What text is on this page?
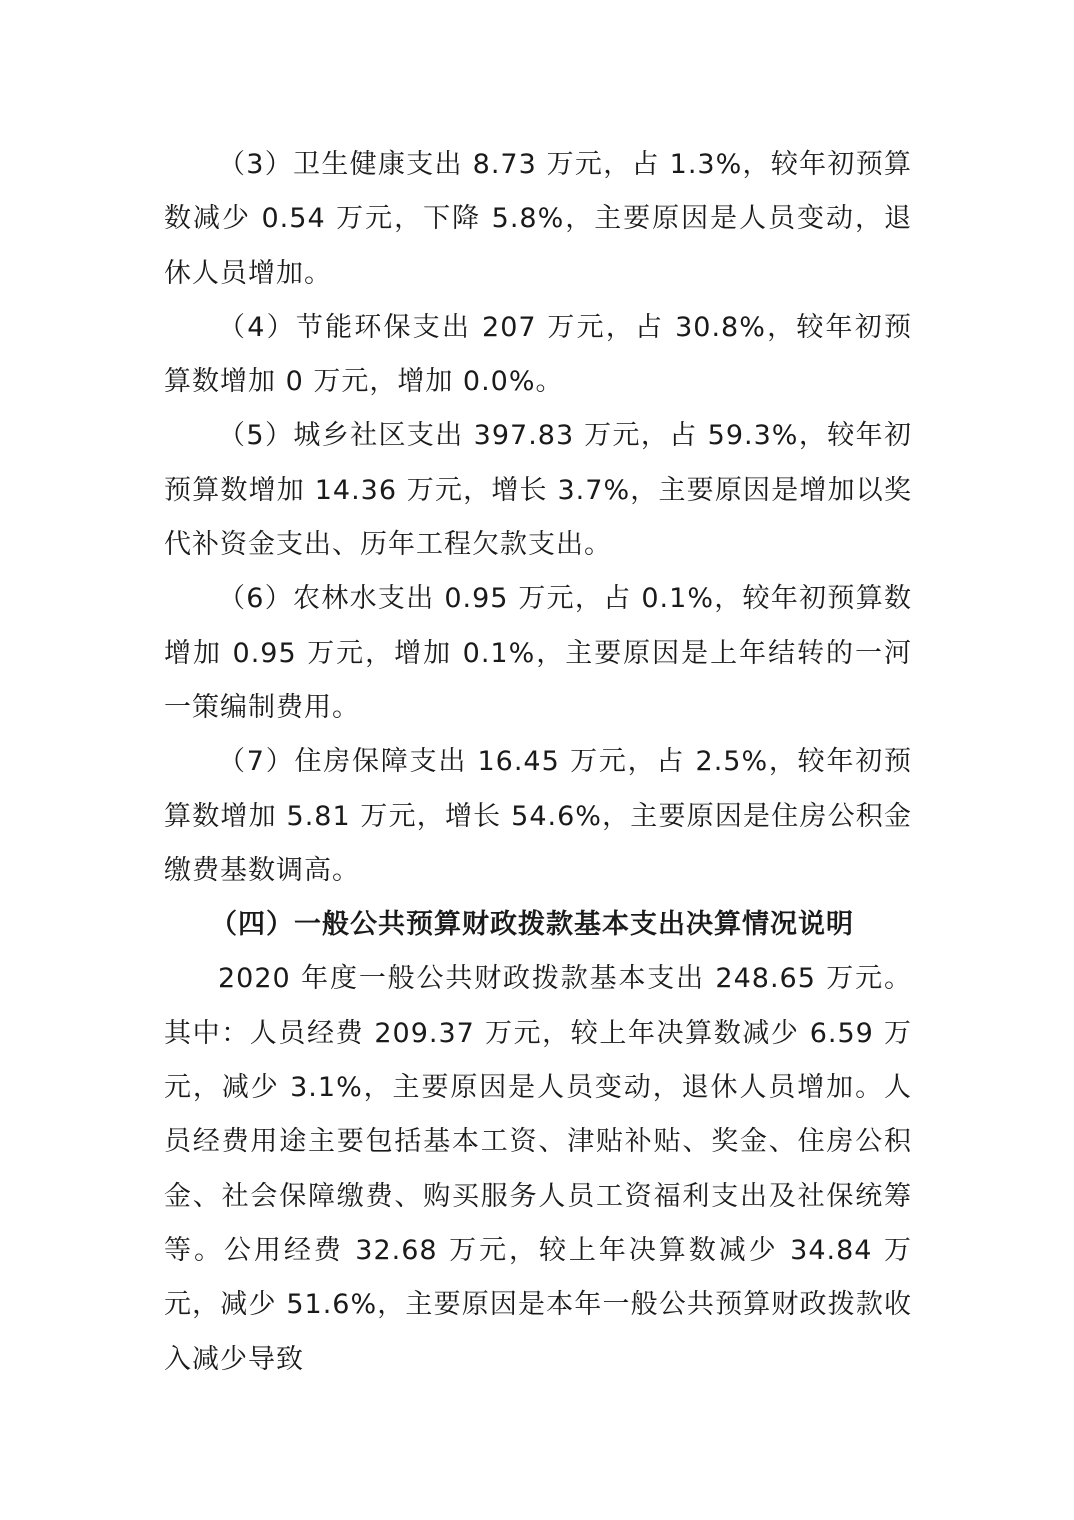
（3）卫生健康支出 8.73 万元，占 1.3%，较年初预算数减少 0.54 万元，下降 5.8%，主要原因是人员变动，退休人员增加。

（4）节能环保支出 207 万元，占 30.8%，较年初预算数增加 0 万元，增加 0.0%。

（5）城乡社区支出 397.83 万元，占 59.3%，较年初预算数增加 14.36 万元，增长 3.7%，主要原因是增加以奖代补资金支出、历年工程欠款支出。

（6）农林水支出 0.95 万元，占 0.1%，较年初预算数增加 0.95 万元，增加 0.1%，主要原因是上年结转的一河一策编制费用。

（7）住房保障支出 16.45 万元，占 2.5%，较年初预算数增加 5.81 万元，增长 54.6%，主要原因是住房公积金缴费基数调高。

（四）一般公共预算财政拨款基本支出决算情况说明

2020 年度一般公共财政拨款基本支出 248.65 万元。其中：人员经费 209.37 万元，较上年决算数减少 6.59 万元，减少 3.1%，主要原因是人员变动，退休人员增加。人员经费用途主要包括基本工资、津贴补贴、奖金、住房公积金、社会保障缴费、购买服务人员工资福利支出及社保统筹等。公用经费 32.68 万元，较上年决算数减少 34.84 万元，减少 51.6%，主要原因是本年一般公共预算财政拨款收入减少导致
